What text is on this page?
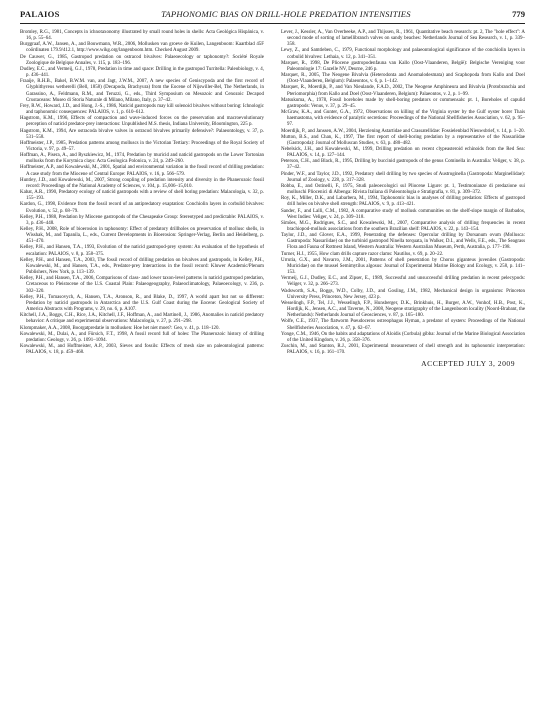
PALAIOS	TAPHONOMIC BIAS ON DRILL-HOLE PREDATION INTENSITIES	779

Bromley, R.G., 1981, Concepts in ichnotaxonomy illustrated by small round holes in shells: Acta Geológica Hispánica, v. 16, p. 55–64.

Burggraaf, A.W., Jansen, A., and Bouwmann, W.R., 2006, Mollusken van groeve de Kuilen, Langenboom: Kaartblad 45F coördinaten 179.9/412.1, http://www.wikg.org/langenboom.htm. Checked August 2009.

De Cauwer, G., 1985, Gastropod predation on ostracod bivalves: Palaeoecology or taphonomy?: Société Royale Zoologique de Belgique Annales, v. 115, p. 183–196.

Dudley, E.C., and Vermeij, G.J., 1978, Predation in time and space: Drilling in the gastropod Turritella: Paleobiology, v. 4, p. 436–441.

Fraaije, R.H.B., Bakel, B.W.M. van, and Jagt, J.W.M., 2007, A new species of Geniscypoda and the first record of Glyphithyreus wetherelli (Bell, 1858) (Decapoda, Brachyura) from the Eocene of Nijswiller-Bel, The Netherlands, in Garassino, A., Feldmann, R.M., and Teruzzi, G., eds., Third Symposium on Mesozoic and Cenozoic Decapod Crustaceans: Museo di Storia Naturale di Milano, Milano, Italy, p. 37–42.

Frey, R.W., Howard, J.D., and Hong, J.-S., 1986, Naticid gastropods may kill solenoid bivalves without boring: Ichnologic and taphonomic consequences: PALAIOS, v. 1, p. 610–612.

Hagstrom, K.M., 1996, Effects of compaction and wave-induced forces on the preservation and macroevolutionary perception of naticid predator-prey interactions: Unpublished M.S. thesis, Indiana University, Bloomington, 225 p.

Hagstrom, K.M., 1994, Are ostracoda bivalve valves in ostracod bivalves primarily defensive?: Palaeontology, v. 37, p. 531–558.

Hoffmeister, J.P., 1985, Predation patterns among molluscs in the Victorian Tertiary: Proceedings of the Royal Society of Victoria, v. 97, p. 49–57.

Hoffman, A., Pisera, A., and Ryszkiewicz, M., 1974, Predation by muricid and naticid gastropods on the Lower Tortonian mollusks from the Korytnica clays: Acta Geologica Polonica, v. 24, p. 249–260.

Hoffmeister, A.P., and Kowalewski, M., 2001, Spatial and environmental variation in the fossil record of drilling predation: A case study from the Miocene of Central Europe: PALAIOS, v. 16, p. 566–579.

Huntley, J.D., and Kowalewski, M., 2007, Strong coupling of predation intensity and diversity in the Phanerozoic fossil record: Proceedings of the National Academy of Sciences, v. 104, p. 15,006–15,010.

Kabat, A.R., 1990, Predatory ecology of naticid gastropods with a review of shell boring predation: Malacologia, v. 32, p. 155–193.

Kardon, G., 1998, Evidence from the fossil record of an antipredatory exaptation: Conchiolin layers in corbulid bivalves: Evolution, v. 52, p. 68–79.

Kelley, P.H., 1988, Predation by Miocene gastropods of the Chesapeake Group: Stereotyped and predictable: PALAIOS, v. 3, p. 436–448.

Kelley, P.H., 2008, Role of bioerosion in taphonomy: Effect of predatory drillholes on preservation of mollusc shells, in Wisshak, M., and Tapanila, L., eds., Current Developments in Bioerosion: Springer-Verlag, Berlin and Heidelberg, p. 451–470.

Kelley, P.H., and Hansen, T.A., 1993, Evolution of the naticid gastropod-prey system: An evaluation of the hypothesis of escalation: PALAIOS, v. 8, p. 358–375.

Kelley, P.H., and Hansen, T.A., 2003, The fossil record of drilling predation on bivalves and gastropods, in Kelley, P.H., Kowalewski, M., and Hansen, T.A., eds., Predator-prey Interactions in the fossil record: Kluwer Academic/Plenum Publishers, New York, p. 113–139.

Kelley, P.H., and Hansen, T.A., 2006, Comparisons of class- and lower taxon-level patterns in naticid gastropod predation, Cretaceous to Pleistocene of the U.S. Coastal Plain: Palaeogeography, Palaeoclimatology, Palaeoecology, v. 236, p. 302–320.

Kelley, P.H., Tomasovych, A., Hansen, T.A., Aronson, R., and Blake, D., 1997, A world apart but not so different: Predation by naticid gastropods in Antarctica and the U.S. Gulf Coast during the Eocene: Geological Society of America Abstracts with Programs, v. 29, no. 6, p. A107.

Kitchell, J.A., Boggs, C.H., Rice, J.A., Kitchell, J.F., Hoffman, A., and Martinell, J., 1986, Anomalies in naticid predatory behavior: A critique and experimental observations: Malacologia, v. 27, p. 291–298.

Klompmaker, A.A., 2008, Boorgatpredatie in mollusken: Hoe het niet moet?: Geo, v. 41, p. 118–120.

Kowalewski, M., Dulai, A., and Fürsich, F.T., 1998, A fossil record full of holes: The Phanerozoic history of drilling predation: Geology, v. 26, p. 1091–1094.

Kowalewski, M., and Hoffmeister, A.P., 2003, Sieves and fossils: Effects of mesh size on paleontological patterns: PALAIOS, v. 18, p. 459–468.

Lever, J., Kessler, A., Van Overbeeke, A.P., and Thijssen, R., 1961, Quantitative beach research: pt. 2, The "hole effect": A second mode of sorting of lamellibranch valves on sandy beaches: Netherlands Journal of Sea Research, v. 1, p. 339–358.

Lewy, Z., and Samtleben, C., 1979, Functional morphology and palaeontological significance of the conchiolin layers in corbulid bivalves: Lethaia, v. 12, p. 341–351.

Marquet, R., 1998, De Pliocene gastropodenfauna van Kallo (Oost-Vlaanderen, België): Belgische Vereniging voor Paleontologie 17: Gazelle NV, Deurne, 246 p.

Marquet, R., 2005, The Neogene Bivalvia (Heterodonta and Anomalodesmata) and Scaphopoda from Kallo and Doel (Oost-Vlaanderen, Belgium): Palaeontos, v. 6, p. 1–142.

Marquet, R., Moerdijk, P., and Van Nieulande, F.A.D., 2002, The Neogene Amphineura and Bivalvia (Protobranchia and Pteriomorphia) from Kallo and Doel (Oost-Vlaanderen, Belgium): Palaeontos, v. 2, p. 1–99.

Matsukuma, A., 1978, Fossil boreholes made by shell-boring predators or commensals: pt. 1, Boreholes of capulid gastropods: Venus, v. 37, p. 29–45.

McGraw, K.A., and Gunter, G.A., 1972, Observations on killing of the Virginia oyster by the Gulf oyster borer Thais haemastoma, with evidence of paralytic secretions: Proceedings of the National Shellfisheries Association, v. 62, p. 95–97.

Moerdijk, P., and Janssen, A.W., 2004, Herziening Astartidae and Crassatellidae: Fossielenblad Nieuwsbrief, v. 14, p. 1–20.

Mutton, B.S., and Chan, K., 1997, The first report of shell-boring predation by a representative of the Nassariidae (Gastropoda): Journal of Molluscan Studies, v. 63, p. 480–482.

Nebelsick, J.H., and Kowalewski, M., 1999, Drilling predation on recent clypeasteroid echinoids from the Red Sea: PALAIOS, v. 14, p. 127–144.

Peterson, C.H., and Black, R., 1995, Drilling by buccinid gastropods of the genus Cominella in Australia: Veliger, v. 38, p. 37–42.

Pinder, W.F., and Taylor, J.D., 1992, Predatory shell drilling by two species of Austroginella (Gastropoda: Marginellidae): Journal of Zoology, v. 228, p. 317–328.

Robba, E., and Ostinelli, F., 1975, Studi paleoecologici sul Pliocene Ligure: pt. 1, Testimonianze di predazione sui molluschi Pliocenici di Albenga: Rivista Italiana di Paleontologia e Stratigrafia, v. 81, p. 309–372.

Roy, K., Miller, D.K., and Labarbera, M., 1994, Taphonomic bias in analyses of drilling predation: Effects of gastropod drill holes on bivalve shell strength: PALAIOS, v. 9, p. 413–421.

Sander, F., and Lalli, C.M., 1982, A comparative study of mollusk communities on the shelf-slope margin of Barbados, West Indies: Veliger, v. 24, p. 309–318.

Simões, M.G., Rodrigues, S.C., and Kowalewski, M., 2007, Comparative analysis of drilling frequencies in recent brachiopod-mollusk associations from the southern Brazilian shelf: PALAIOS, v. 22, p. 143–154.

Taylor, J.D., and Glover, E.A., 1999, Penetrating the defenses: Opercular drilling by Dorsanum ovum (Mollusca: Gastropoda: Nassariidae) on the turbinid gastropod Ninella torquata, in Walker, D.I., and Wells, F.E., eds., The Seagrass Flora and Fauna of Rottnest Island, Western Australia: Western Australian Museum, Perth, Australia, p. 177–198.

Turner, H.J., 1955, How clam drills capture razor clams: Nautilus, v. 69, p. 20–22.

Urrutia, G.X., and Navarro, J.M., 2001, Patterns of shell penetration by Chorus giganteus juveniles (Gastropoda: Muricidae) on the mussel Semimytilus algosus: Journal of Experimental Marine Biology and Ecology, v. 258, p. 141–153.

Vermeij, G.J., Dudley, E.C., and Zipser, E., 1989, Successful and unsuccessful drilling predation in recent pelecypods: Veliger, v. 32, p. 266–273.

Wadsworth, S.A., Boggs, W.D., Colby, J.D., and Gosling, J.M., 1982, Mechanical design in organisms: Princeton University Press, Princeton, New Jersey, 423 p.

Wesselingh, F.P., Tel, J.J., Wesselingh, F.P., Hunsberger, D.K., Brinkhuis, H., Burger, A.W., Vonhof, H.B., Post, K., Hordijk, K., Jensen, A.C., and Taverne, N., 2008, Neogene stratigraphy of the Langenboom locality (Noord-Brabant, the Netherlands): Netherlands Journal of Geosciences, v. 87, p. 165–180.

Wolfe, C.E., 1937, The flatworm Pseudoceros ostreophagus Hyman, a predator of oysters: Proceedings of the National Shellfisheries Association, v. 47, p. 62–67.

Yonge, C.M., 1946, On the habits and adaptations of Aloidis (Corbula) gibba: Journal of the Marine Biological Association of the United Kingdom, v. 26, p. 358–376.

Zuschin, M., and Stanton, R.J., 2001, Experimental measurement of shell strength and its taphonomic interpretation: PALAIOS, v. 16, p. 161–170.

ACCEPTED JULY 3, 2009
